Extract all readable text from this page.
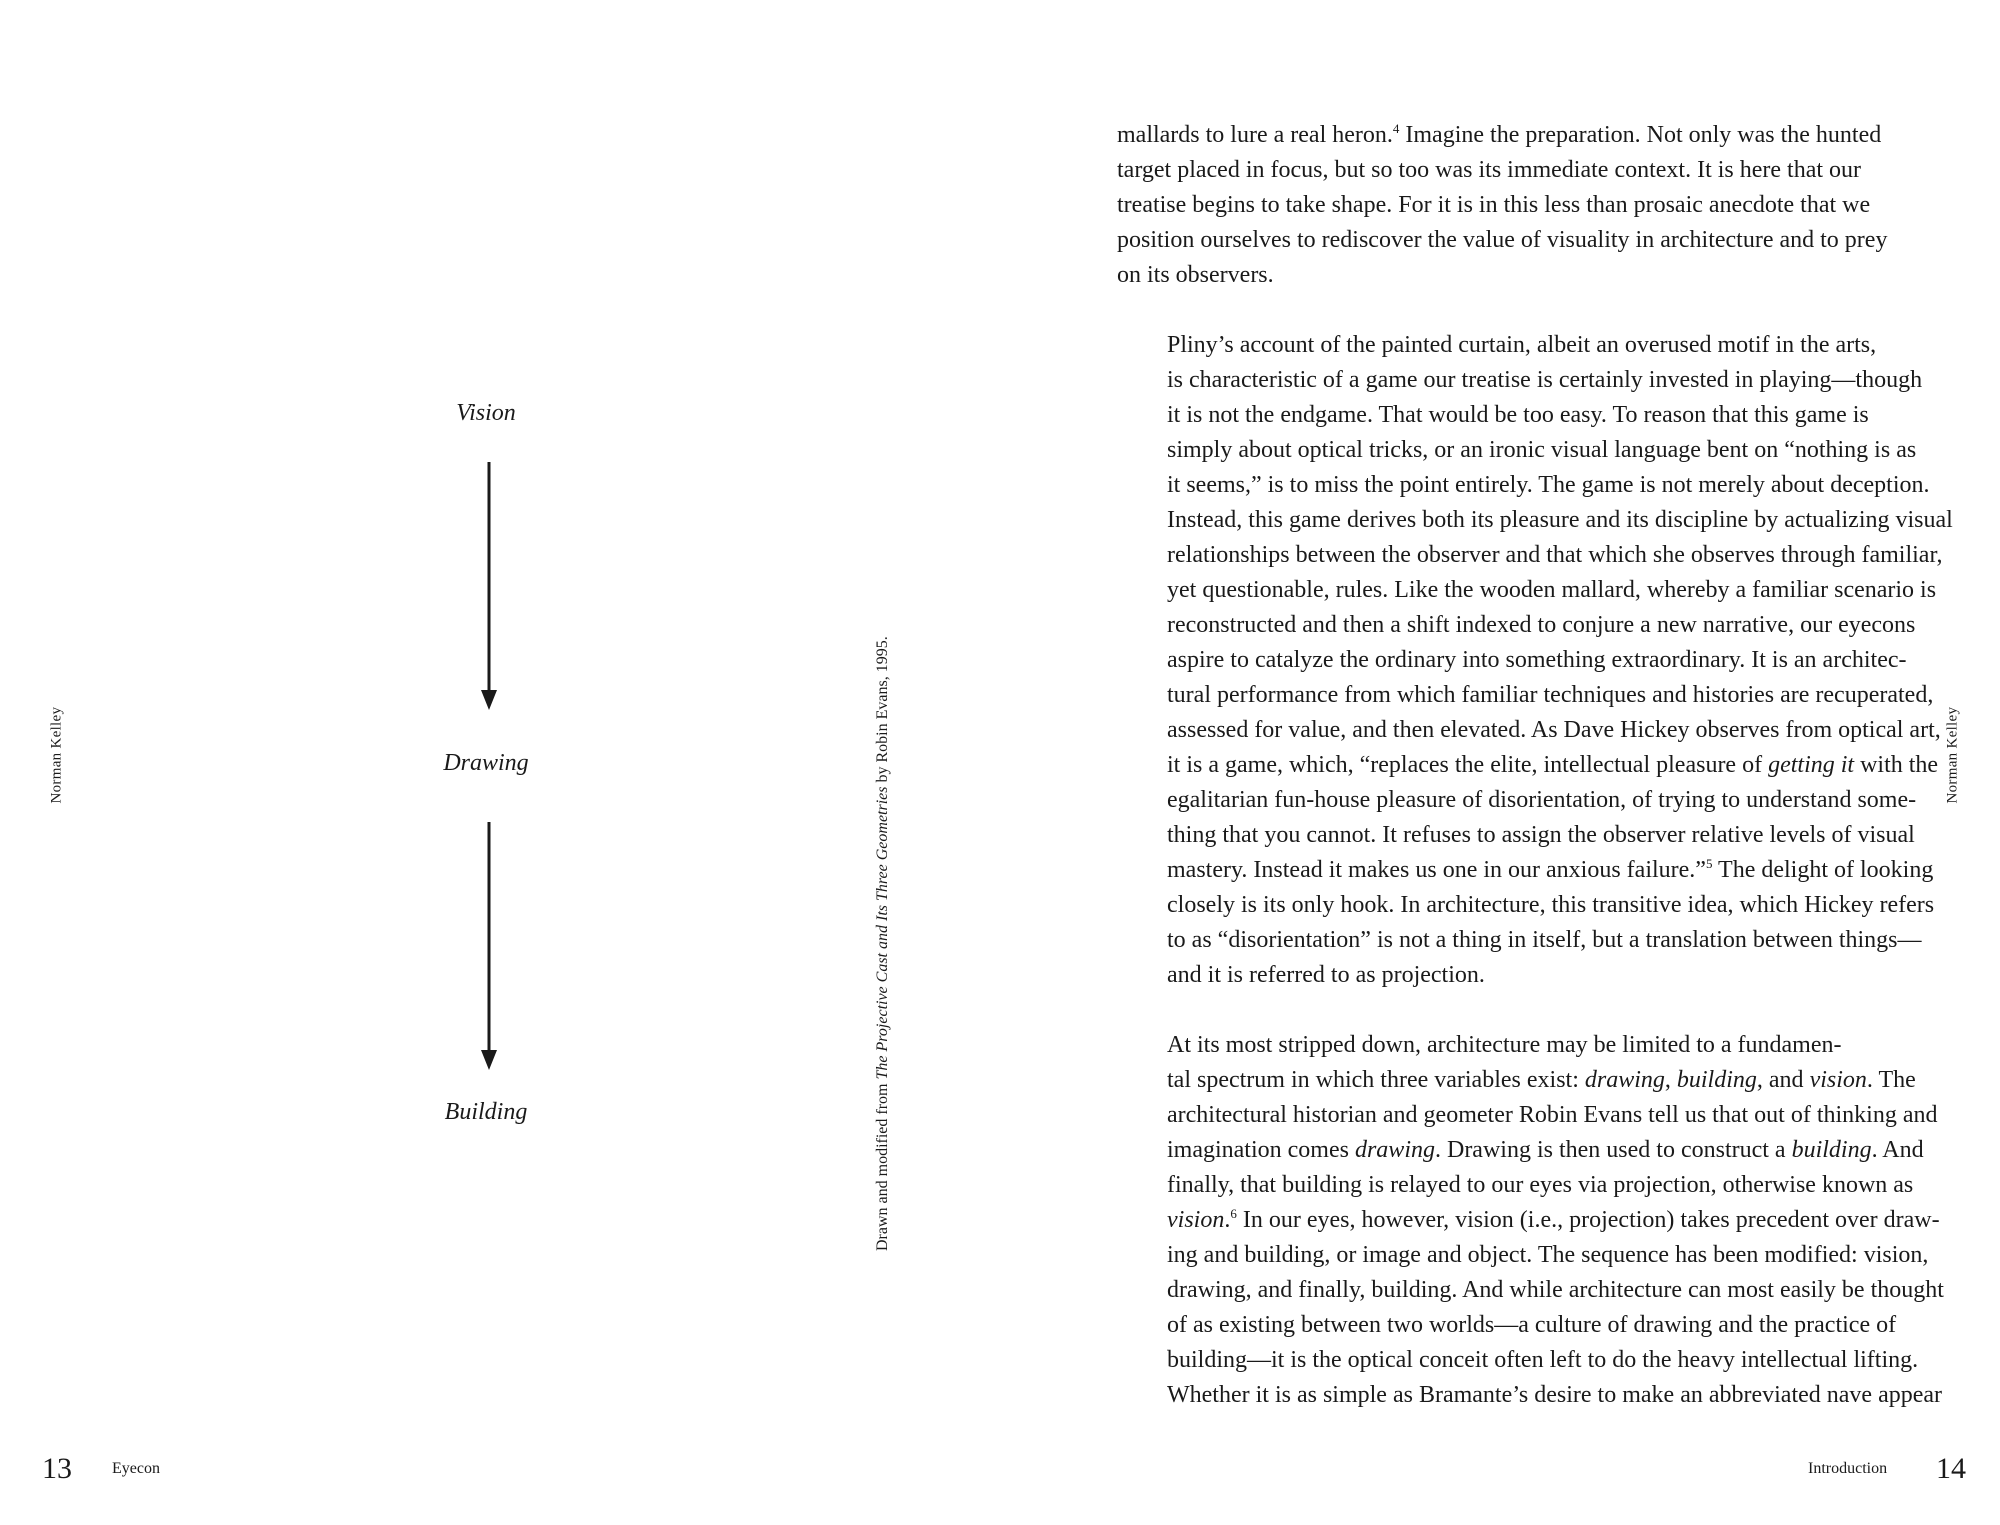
Norman Kelley
Vision
Drawing
Building	Drawn and modified from The Projective Cast and Its Three Geometries by Robin Evans, 1995.
13	Eyecon

mallards to lure a real heron.$^4$ Imagine the preparation. Not only was the hunted
target placed in focus, but so too was its immediate context. It is here that our
treatise begins to take shape. For it is in this less than prosaic anecdote that we
position ourselves to rediscover the value of visuality in architecture and to prey
on its observers.

Pliny’s account of the painted curtain, albeit an overused motif in the arts,
is characteristic of a game our treatise is certainly invested in playing—though
it is not the endgame. That would be too easy. To reason that this game is
simply about optical tricks, or an ironic visual language bent on “nothing is as
it seems,” is to miss the point entirely. The game is not merely about deception.
Instead, this game derives both its pleasure and its discipline by actualizing visual
relationships between the observer and that which she observes through familiar,
yet questionable, rules. Like the wooden mallard, whereby a familiar scenario is
reconstructed and then a shift indexed to conjure a new narrative, our eyecons
aspire to catalyze the ordinary into something extraordinary. It is an architec-
tural performance from which familiar techniques and histories are recuperated,
assessed for value, and then elevated. As Dave Hickey observes from optical art,
it is a game, which, “replaces the elite, intellectual pleasure of getting it with the
egalitarian fun-house pleasure of disorientation, of trying to understand some-
thing that you cannot. It refuses to assign the observer relative levels of visual
mastery. Instead it makes us one in our anxious failure.”$^5$ The delight of looking
closely is its only hook. In architecture, this transitive idea, which Hickey refers
to as “disorientation” is not a thing in itself, but a translation between things—
and it is referred to as projection.

At its most stripped down, architecture may be limited to a fundamen-
tal spectrum in which three variables exist: drawing, building, and vision. The
architectural historian and geometer Robin Evans tell us that out of thinking and
imagination comes drawing. Drawing is then used to construct a building. And
finally, that building is relayed to our eyes via projection, otherwise known as
vision.$^6$ In our eyes, however, vision (i.e., projection) takes precedent over draw-
ing and building, or image and object. The sequence has been modified: vision,
drawing, and finally, building. And while architecture can most easily be thought
of as existing between two worlds—a culture of drawing and the practice of
building—it is the optical conceit often left to do the heavy intellectual lifting.
Whether it is as simple as Bramante’s desire to make an abbreviated nave appear

Norman Kelley
Introduction 14
